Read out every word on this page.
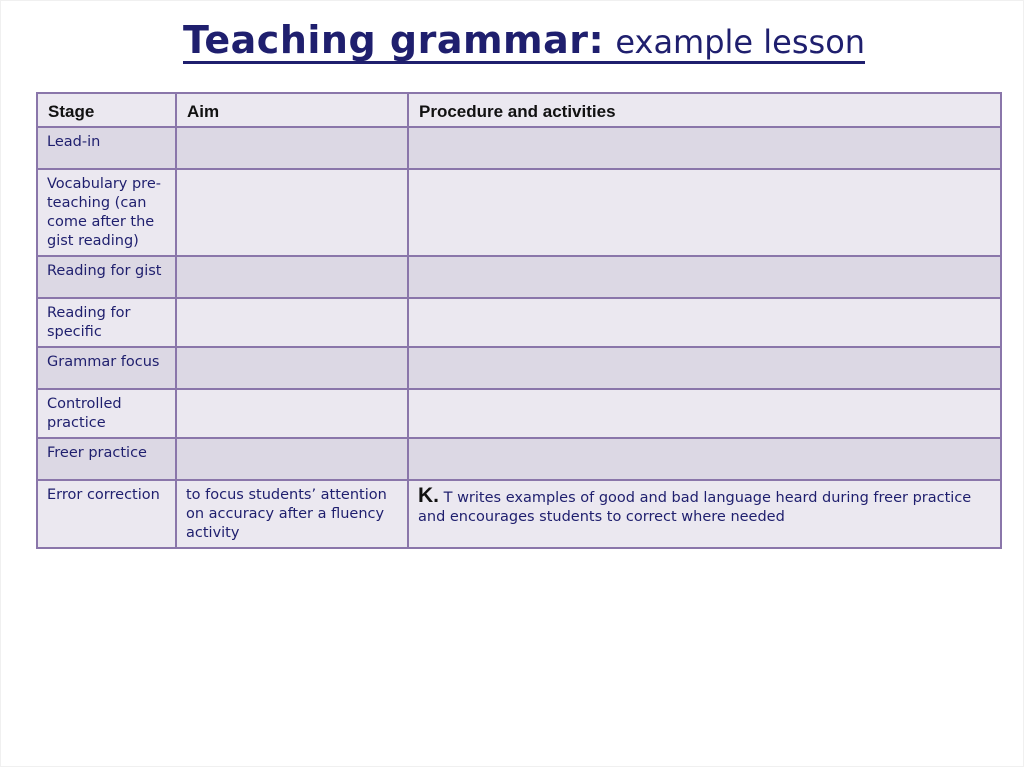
Teaching grammar: example lesson
Stage	Aim	Procedure and activities
Lead-in		
Vocabulary pre-teaching (can come after the gist reading)		
Reading for gist		
Reading for specific		
Grammar focus		
Controlled practice		
Freer practice		
Error correction	to focus students’ attention on accuracy after a fluency activity	K. T writes examples of good and bad language heard during freer practice and encourages students to correct where needed
